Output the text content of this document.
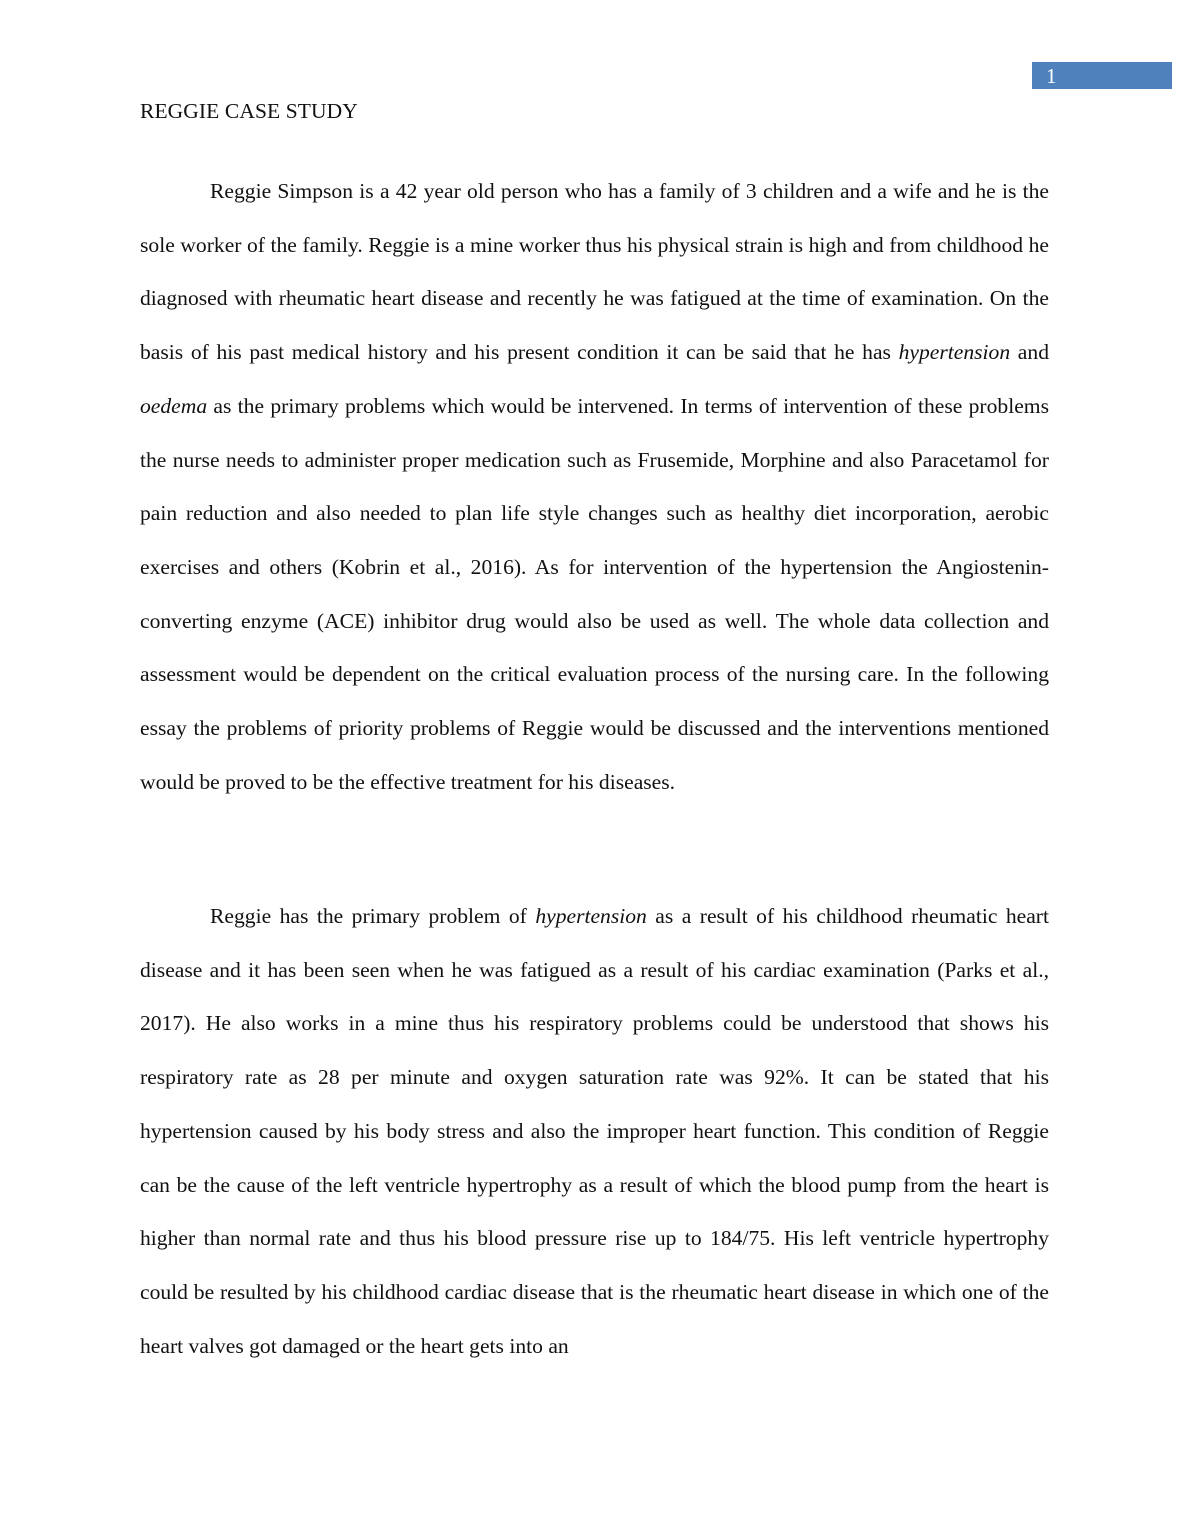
1
REGGIE CASE STUDY

Reggie Simpson is a 42 year old person who has a family of 3 children and a wife and he is the sole worker of the family. Reggie is a mine worker thus his physical strain is high and from childhood he diagnosed with rheumatic heart disease and recently he was fatigued at the time of examination. On the basis of his past medical history and his present condition it can be said that he has hypertension and oedema as the primary problems which would be intervened. In terms of intervention of these problems the nurse needs to administer proper medication such as Frusemide, Morphine and also Paracetamol for pain reduction and also needed to plan life style changes such as healthy diet incorporation, aerobic exercises and others (Kobrin et al., 2016). As for intervention of the hypertension the Angiostenin-converting enzyme (ACE) inhibitor drug would also be used as well. The whole data collection and assessment would be dependent on the critical evaluation process of the nursing care. In the following essay the problems of priority problems of Reggie would be discussed and the interventions mentioned would be proved to be the effective treatment for his diseases.

Reggie has the primary problem of hypertension as a result of his childhood rheumatic heart disease and it has been seen when he was fatigued as a result of his cardiac examination (Parks et al., 2017). He also works in a mine thus his respiratory problems could be understood that shows his respiratory rate as 28 per minute and oxygen saturation rate was 92%. It can be stated that his hypertension caused by his body stress and also the improper heart function. This condition of Reggie can be the cause of the left ventricle hypertrophy as a result of which the blood pump from the heart is higher than normal rate and thus his blood pressure rise up to 184/75. His left ventricle hypertrophy could be resulted by his childhood cardiac disease that is the rheumatic heart disease in which one of the heart valves got damaged or the heart gets into an
